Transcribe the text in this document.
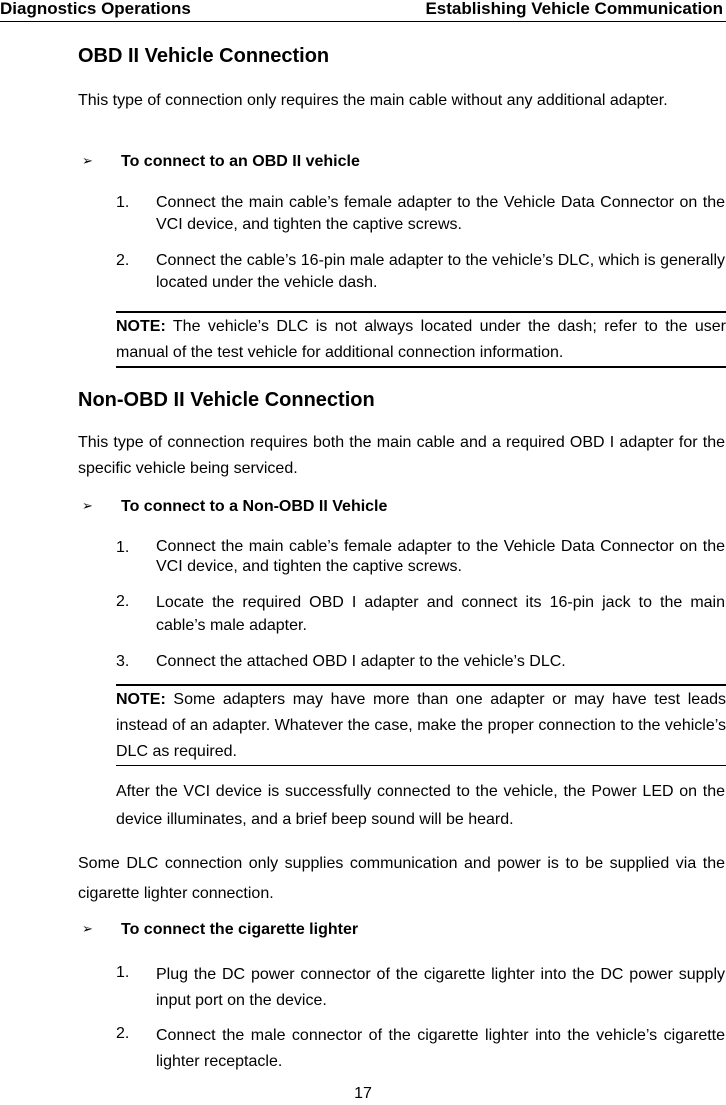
Diagnostics Operations	Establishing Vehicle Communication
OBD II Vehicle Connection
This type of connection only requires the main cable without any additional adapter.
➢ To connect to an OBD II vehicle
1. Connect the main cable’s female adapter to the Vehicle Data Connector on the VCI device, and tighten the captive screws.
2. Connect the cable’s 16-pin male adapter to the vehicle’s DLC, which is generally located under the vehicle dash.
NOTE: The vehicle’s DLC is not always located under the dash; refer to the user manual of the test vehicle for additional connection information.
Non-OBD II Vehicle Connection
This type of connection requires both the main cable and a required OBD I adapter for the specific vehicle being serviced.
➢ To connect to a Non-OBD II Vehicle
1. Connect the main cable’s female adapter to the Vehicle Data Connector on the VCI device, and tighten the captive screws.
2. Locate the required OBD I adapter and connect its 16-pin jack to the main cable’s male adapter.
3. Connect the attached OBD I adapter to the vehicle’s DLC.
NOTE: Some adapters may have more than one adapter or may have test leads instead of an adapter. Whatever the case, make the proper connection to the vehicle’s DLC as required.
After the VCI device is successfully connected to the vehicle, the Power LED on the device illuminates, and a brief beep sound will be heard.
Some DLC connection only supplies communication and power is to be supplied via the cigarette lighter connection.
➢ To connect the cigarette lighter
1. Plug the DC power connector of the cigarette lighter into the DC power supply input port on the device.
2. Connect the male connector of the cigarette lighter into the vehicle’s cigarette lighter receptacle.
17
